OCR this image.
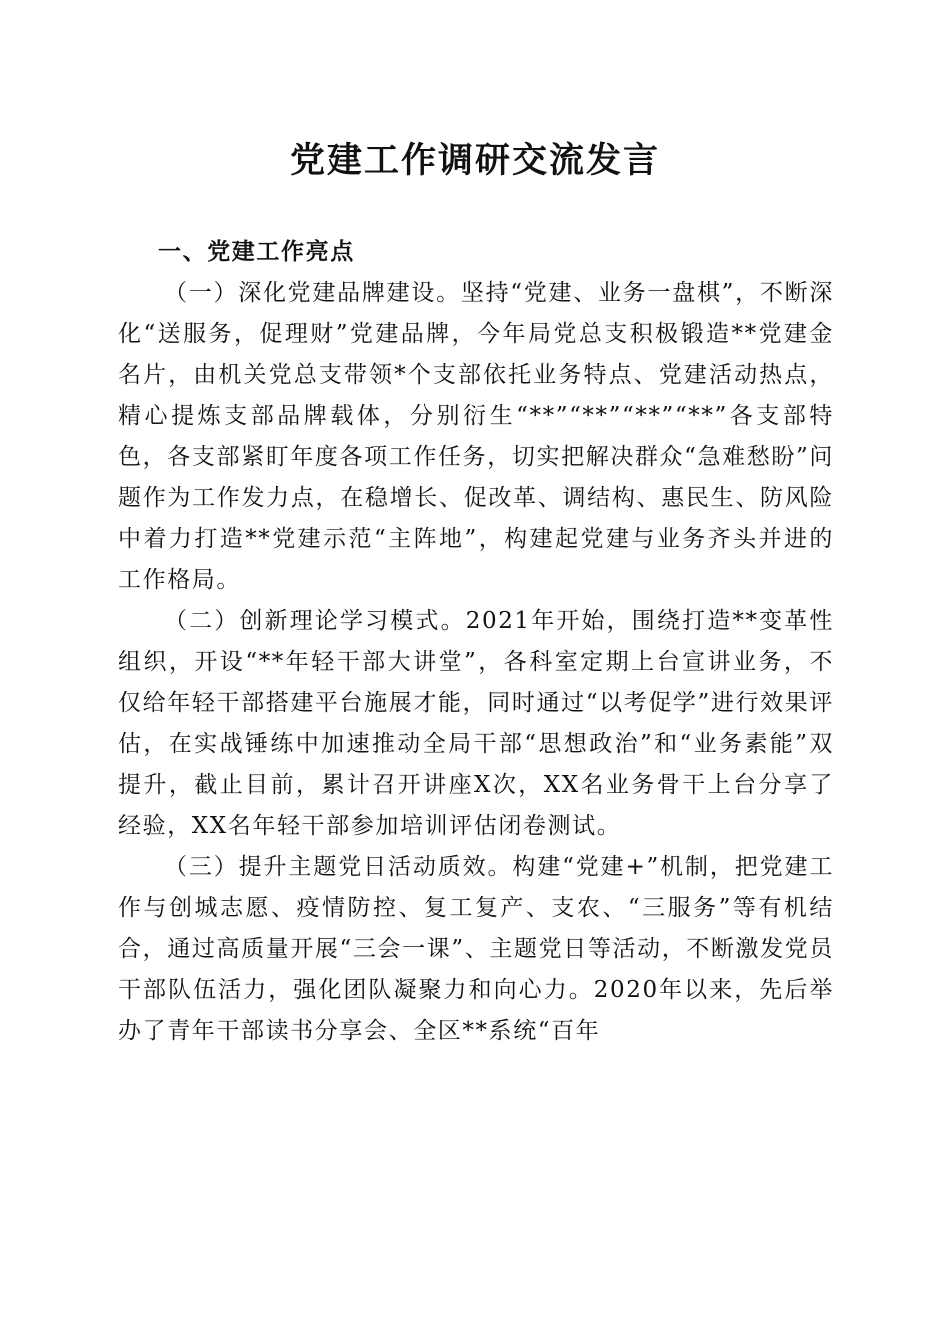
党建工作调研交流发言
一、党建工作亮点

（一）深化党建品牌建设。坚持“党建、业务一盘棋”，不断深化“送服务，促理财”党建品牌，今年局党总支积极锻造**党建金名片，由机关党总支带领*个支部依托业务特点、党建活动热点，精心提炼支部品牌载体，分别衍生“**”“**”“**”“**”各支部特色，各支部紧盯年度各项工作任务，切实把解决群众“急难愁盼”问题作为工作发力点，在稳增长、促改革、调结构、惠民生、防风险中着力打造**党建示范“主阵地”，构建起党建与业务齐头并进的工作格局。

（二）创新理论学习模式。2021年开始，围绕打造**变革性组织，开设“**年轻干部大讲堂”，各科室定期上台宣讲业务，不仅给年轻干部搭建平台施展才能，同时通过“以考促学”进行效果评估，在实战锤练中加速推动全局干部“思想政治”和“业务素能”双提升，截止目前，累计召开讲座X次，XX名业务骨干上台分享了经验，XX名年轻干部参加培训评估闭卷测试。

（三）提升主题党日活动质效。构建“党建+”机制，把党建工作与创城志愿、疫情防控、复工复产、支农、“三服务”等有机结合，通过高质量开展“三会一课”、主题党日等活动，不断激发党员干部队伍活力，强化团队凝聚力和向心力。2020年以来，先后举办了青年干部读书分享会、全区**系统“百年
